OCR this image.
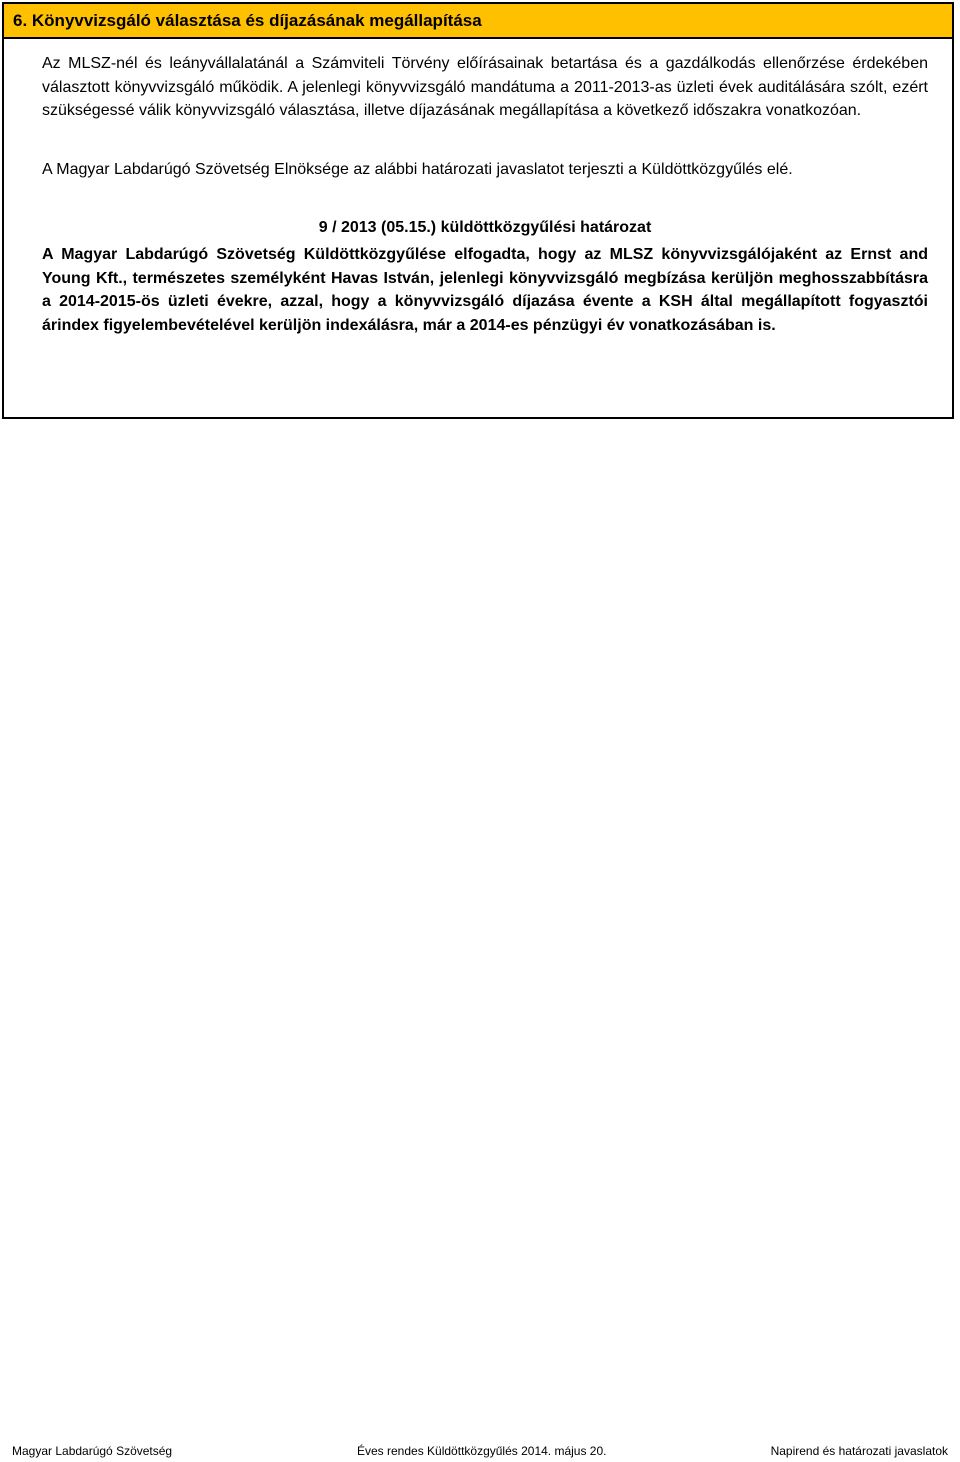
6. Könyvvizsgáló választása és díjazásának megállapítása

Az MLSZ-nél és leányvállalatánál a Számviteli Törvény előírásainak betartása és a gazdálkodás ellenőrzése érdekében választott könyvvizsgáló működik. A jelenlegi könyvvizsgáló mandátuma a 2011-2013-as üzleti évek auditálására szólt, ezért szükségessé válik könyvvizsgáló választása, illetve díjazásának megállapítása a következő időszakra vonatkozóan.

A Magyar Labdarúgó Szövetség Elnöksége az alábbi határozati javaslatot terjeszti a Küldöttközgyűlés elé.

9 / 2013 (05.15.) küldöttközgyűlési határozat

A Magyar Labdarúgó Szövetség Küldöttközgyűlése elfogadta, hogy az MLSZ könyvvizsgálójaként az Ernst and Young Kft., természetes személyként Havas István, jelenlegi könyvvizsgáló megbízása kerüljön meghosszabbításra a 2014-2015-ös üzleti évekre, azzal, hogy a könyvvizsgáló díjazása évente a KSH által megállapított fogyasztói árindex figyelembevételével kerüljön indexálásra, már a 2014-es pénzügyi év vonatkozásában is.

Magyar Labdarúgó Szövetség	Éves rendes Küldöttközgyűlés 2014. május 20.	Napirend és határozati javaslatok
